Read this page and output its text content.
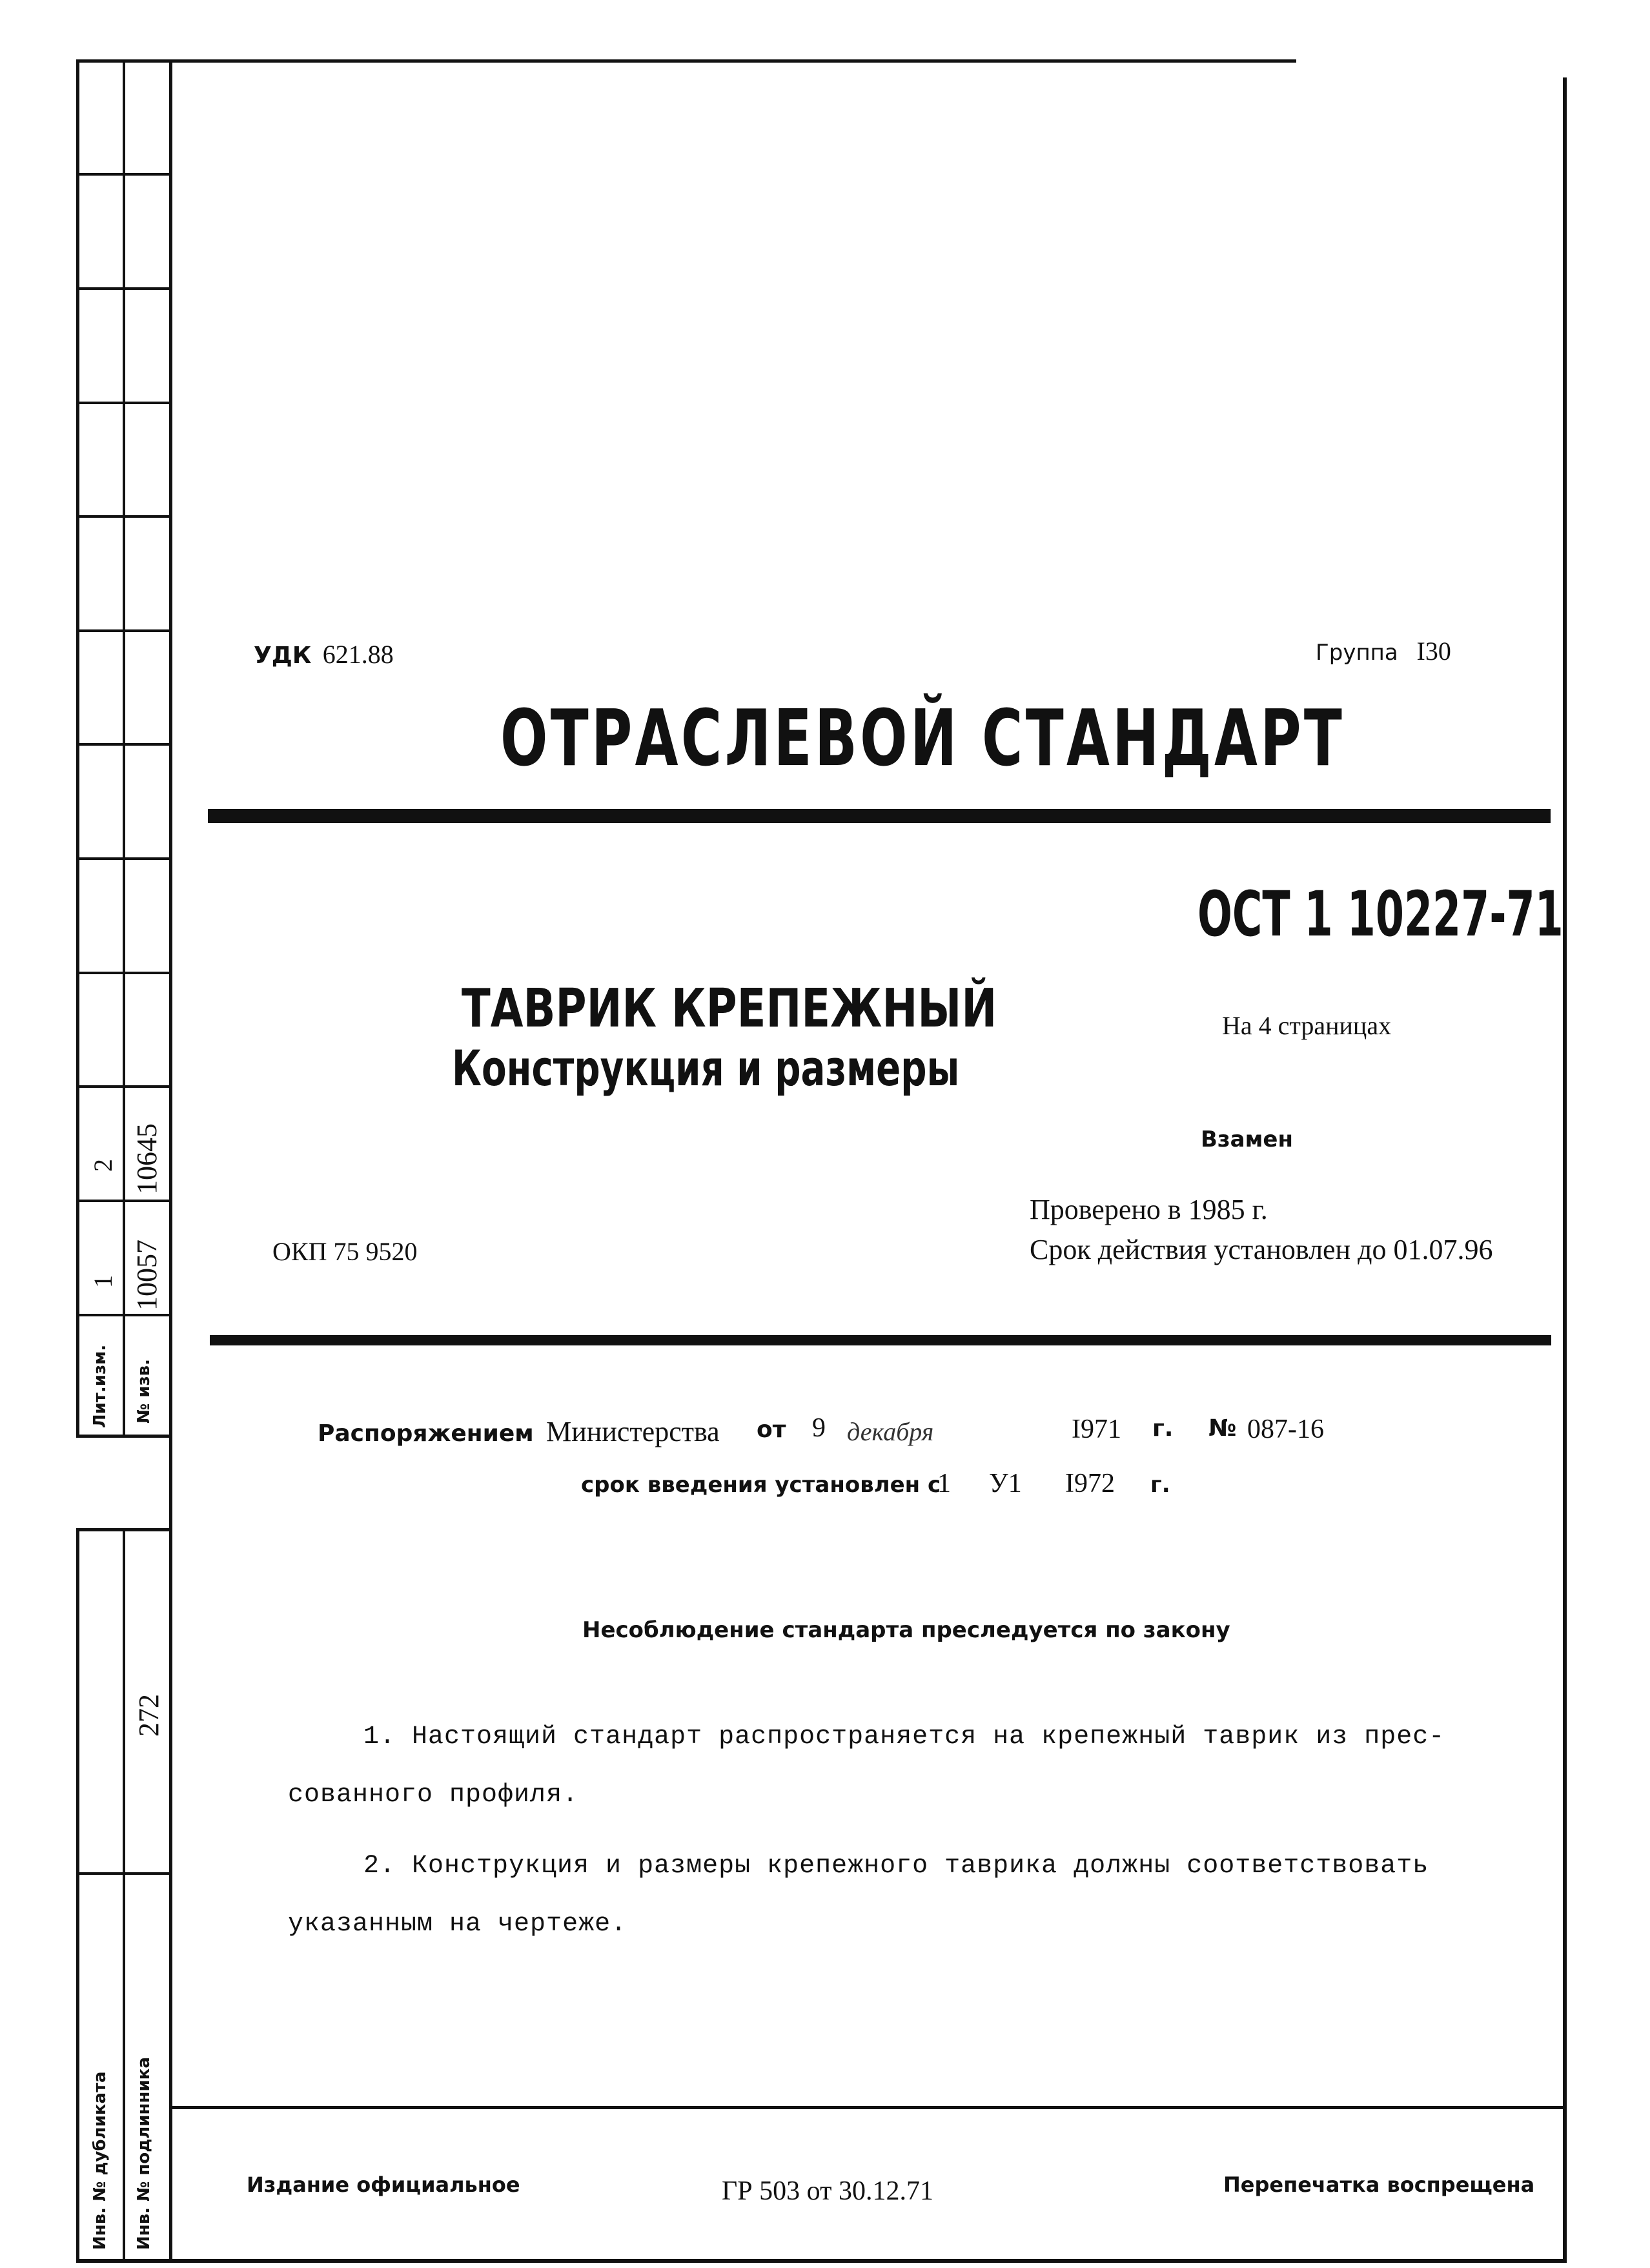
2 10645
1 10057
Лит.изм. № изв.
272
Инв. № дубликата Инв. № подлинника
УДК 621.88	Группа I30
ОТРАСЛЕВОЙ СТАНДАРТ
ОСТ 1 10227-71
ТАВРИК КРЕПЕЖНЫЙ
Конструкция и размеры
На 4 страницах
Взамен
Проверено в 1985 г.
Срок действия установлен до 01.07.96
ОКП 75 9520
Распоряжением Министерства от 9 декабря	I971 г. № 087-16
срок введения установлен с
1 У1 I972 г.
Несоблюдение стандарта преследуется по закону
1. Настоящий стандарт распространяется на крепежный таврик из прес-
сованного профиля.
2. Конструкция и размеры крепежного таврика должны соответствовать
указанным на чертеже.
Издание официальное	ГР 503 от 30.12.71	Перепечатка воспрещена
